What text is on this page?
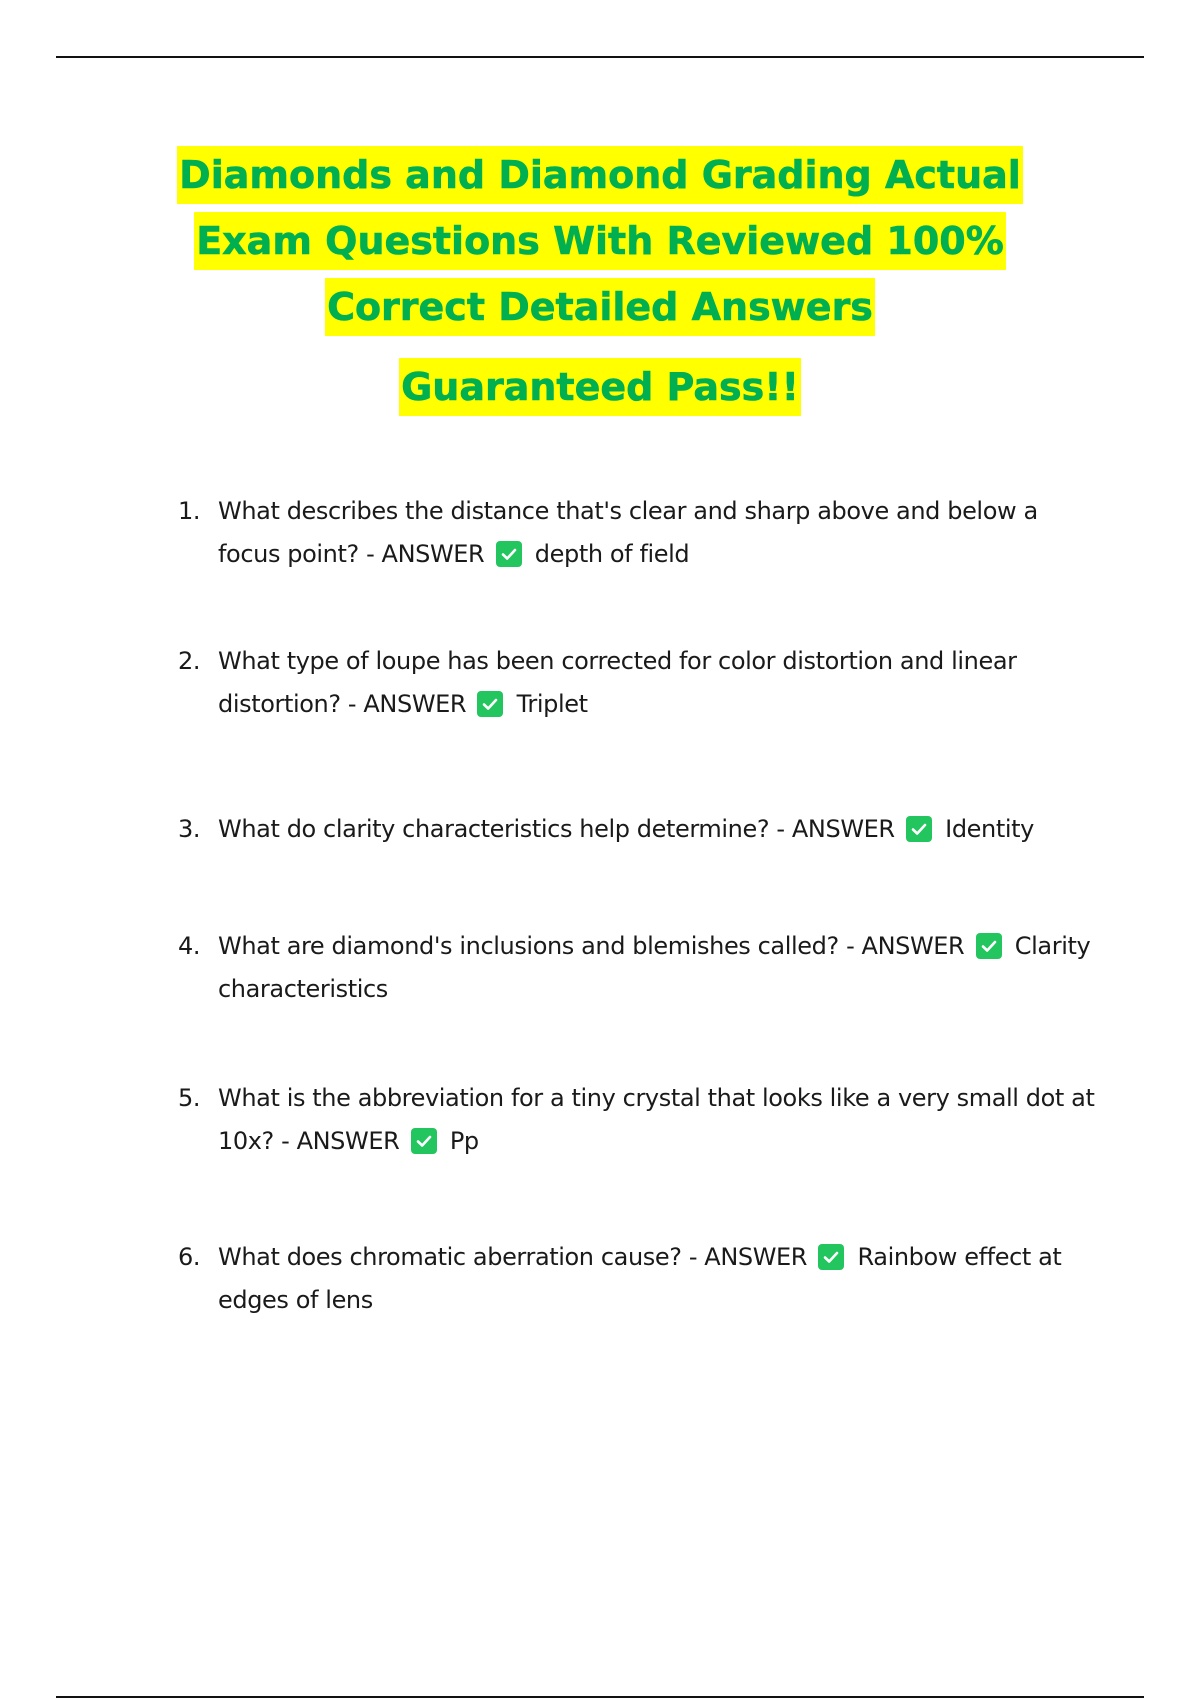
Diamonds and Diamond Grading Actual
Exam Questions With Reviewed 100%
Correct Detailed Answers
Guaranteed Pass!!
1. What describes the distance that's clear and sharp above and below a focus point? - ANSWER depth of field
2. What type of loupe has been corrected for color distortion and linear distortion? - ANSWER Triplet
3. What do clarity characteristics help determine? - ANSWER Identity
4. What are diamond's inclusions and blemishes called? - ANSWER Clarity characteristics
5. What is the abbreviation for a tiny crystal that looks like a very small dot at 10x? - ANSWER Pp
6. What does chromatic aberration cause? - ANSWER Rainbow effect at edges of lens
